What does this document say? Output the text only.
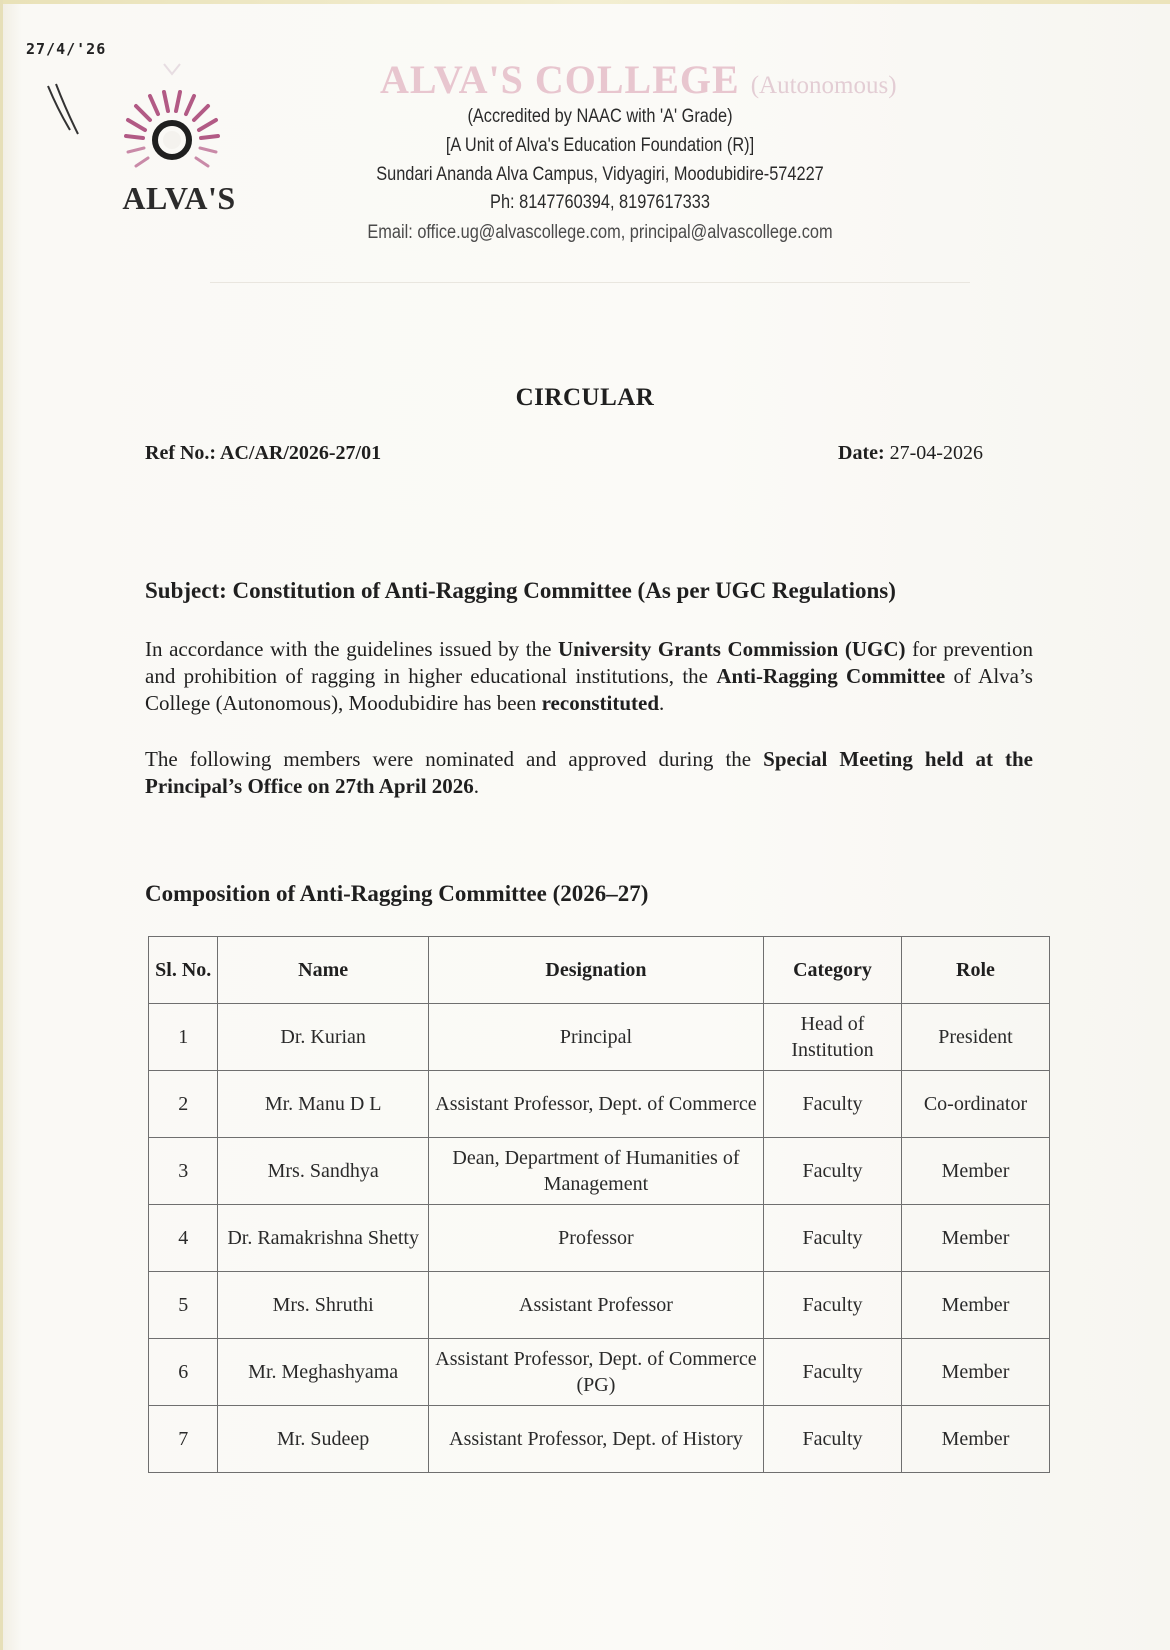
27/4/'26
ALVA'S
ALVA'S COLLEGE (Autonomous)
(Accredited by NAAC with 'A' Grade)
[A Unit of Alva's Education Foundation (R)]
Sundari Ananda Alva Campus, Vidyagiri, Moodubidire-574227
Ph: 8147760394, 8197617333
Email: office.ug@alvascollege.com, principal@alvascollege.com
CIRCULAR
Ref No.: AC/AR/2026-27/01	Date: 27-04-2026
Subject: Constitution of Anti-Ragging Committee (As per UGC Regulations)
In accordance with the guidelines issued by the University Grants Commission (UGC) for prevention and prohibition of ragging in higher educational institutions, the Anti-Ragging Committee of Alva’s College (Autonomous), Moodubidire has been reconstituted.
The following members were nominated and approved during the Special Meeting held at the Principal’s Office on 27th April 2026.
Composition of Anti-Ragging Committee (2026–27)
Sl. No.	Name	Designation	Category	Role
1	Dr. Kurian	Principal	Head of Institution	President
2	Mr. Manu D L	Assistant Professor, Dept. of Commerce	Faculty	Co-ordinator
3	Mrs. Sandhya	Dean, Department of Humanities of Management	Faculty	Member
4	Dr. Ramakrishna Shetty	Professor	Faculty	Member
5	Mrs. Shruthi	Assistant Professor	Faculty	Member
6	Mr. Meghashyama	Assistant Professor, Dept. of Commerce (PG)	Faculty	Member
7	Mr. Sudeep	Assistant Professor, Dept. of History	Faculty	Member
